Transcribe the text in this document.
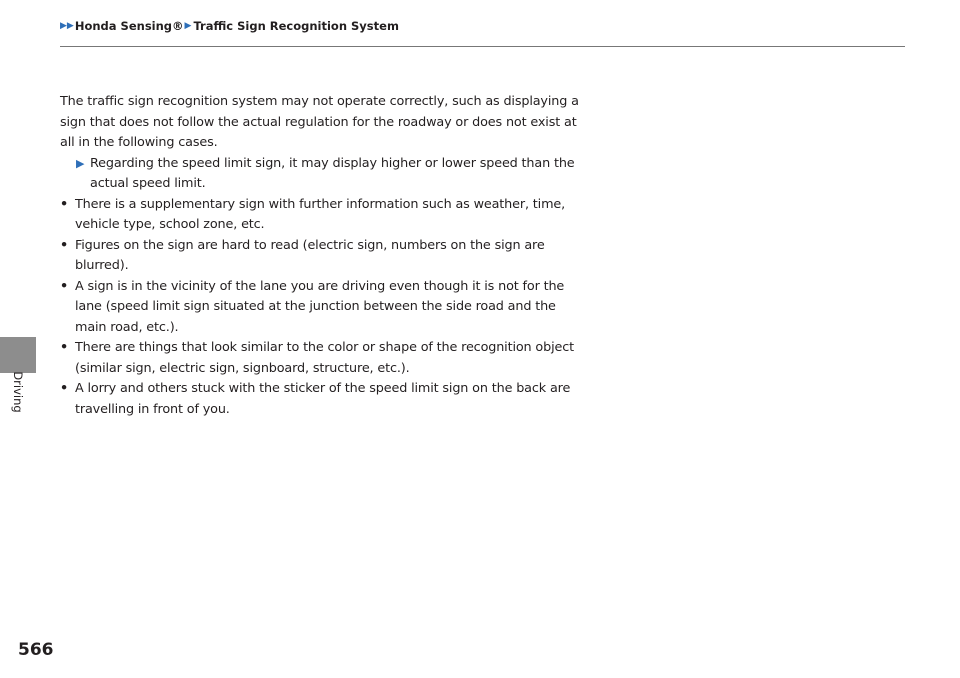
▶▶ Honda Sensing® ▶ Traffic Sign Recognition System
Driving

The traffic sign recognition system may not operate correctly, such as displaying a sign that does not follow the actual regulation for the roadway or does not exist at all in the following cases.

▶ Regarding the speed limit sign, it may display higher or lower speed than the actual speed limit.
• There is a supplementary sign with further information such as weather, time, vehicle type, school zone, etc.
• Figures on the sign are hard to read (electric sign, numbers on the sign are blurred).
• A sign is in the vicinity of the lane you are driving even though it is not for the lane (speed limit sign situated at the junction between the side road and the main road, etc.).
• There are things that look similar to the color or shape of the recognition object (similar sign, electric sign, signboard, structure, etc.).
• A lorry and others stuck with the sticker of the speed limit sign on the back are travelling in front of you.
566
